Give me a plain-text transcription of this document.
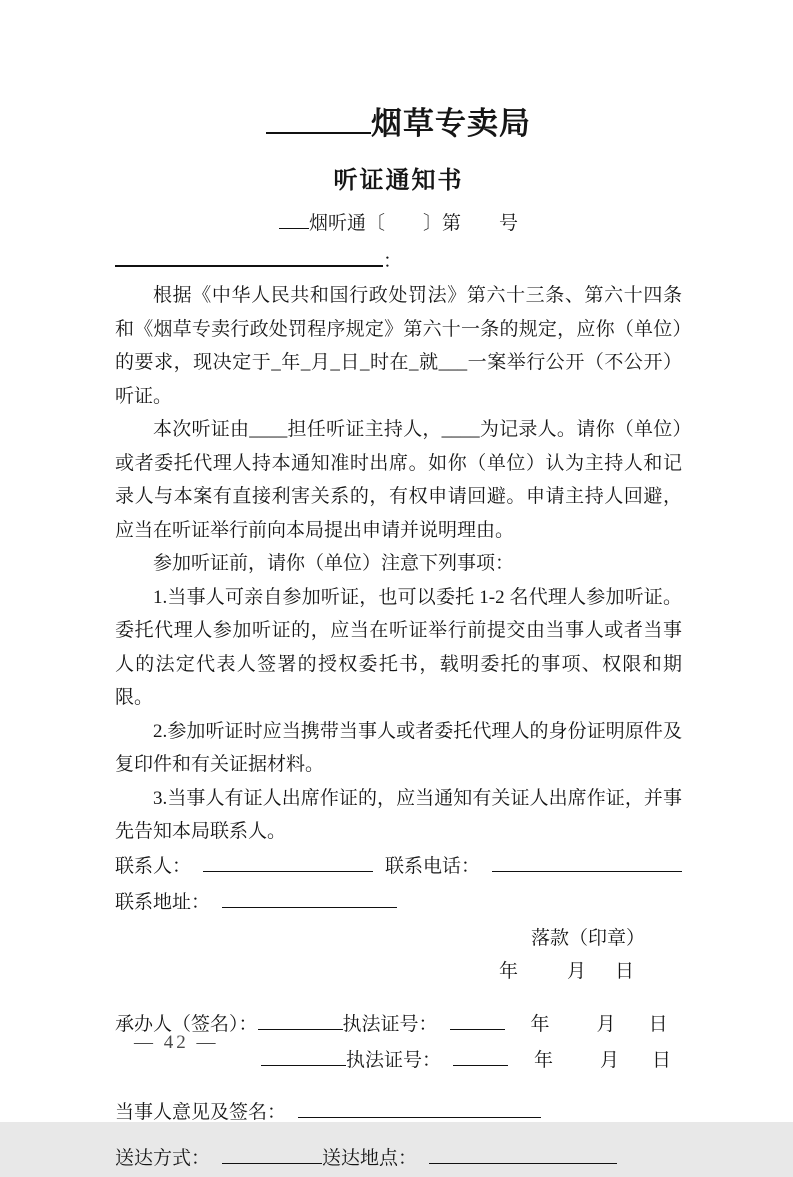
烟草专卖局
听证通知书
烟听通〔　　〕第　　号
：

根据《中华人民共和国行政处罚法》第六十三条、第六十四条和《烟草专卖行政处罚程序规定》第六十一条的规定，应你（单位）的要求，现决定于_年_月_日_时在_就___一案举行公开（不公开）听证。

本次听证由____担任听证主持人，____为记录人。请你（单位）或者委托代理人持本通知准时出席。如你（单位）认为主持人和记录人与本案有直接利害关系的，有权申请回避。申请主持人回避，应当在听证举行前向本局提出申请并说明理由。

参加听证前，请你（单位）注意下列事项：

1.当事人可亲自参加听证，也可以委托 1-2 名代理人参加听证。委托代理人参加听证的，应当在听证举行前提交由当事人或者当事人的法定代表人签署的授权委托书，载明委托的事项、权限和期限。

2.参加听证时应当携带当事人或者委托代理人的身份证明原件及复印件和有关证据材料。

3.当事人有证人出席作证的，应当通知有关证人出席作证，并事先告知本局联系人。

联系人：	联系电话：
联系地址：
落款（印章）
年	月 日
承办人（签名）：	执法证号：	年 月 日
执法证号：	年 月 日
当事人意见及签名：
送达方式：	送达地点：
— 42 —
